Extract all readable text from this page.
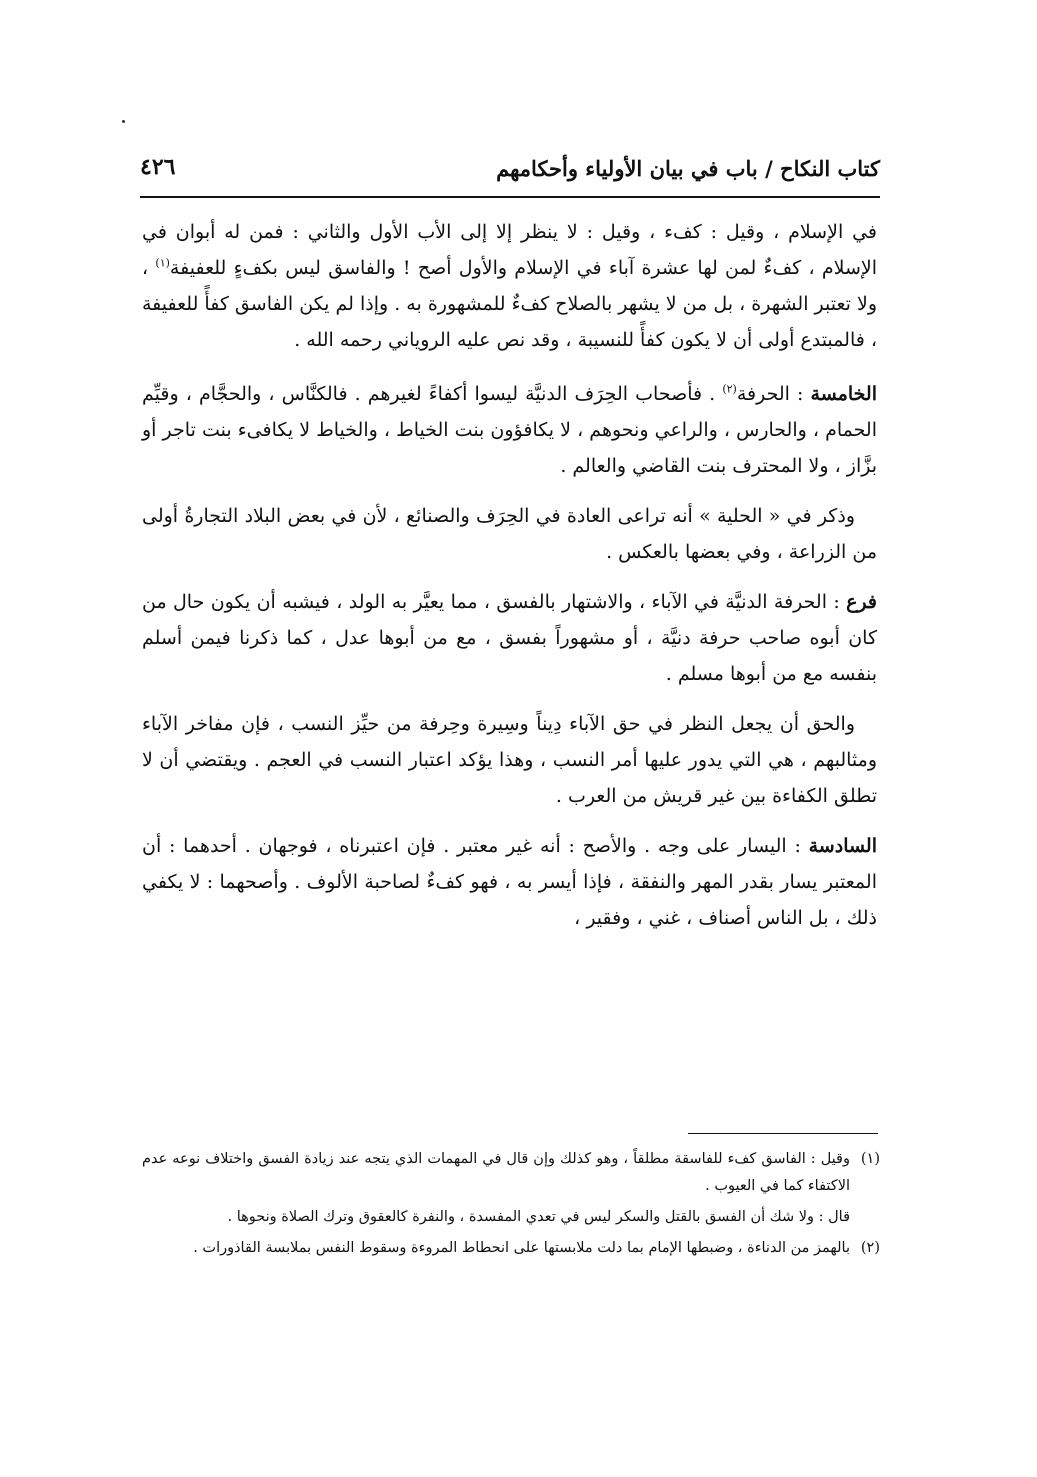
كتاب النكاح / باب في بيان الأولياء وأحكامهم
٤٢٦

في الإسلام ، وقيل : كفء ، وقيل : لا ينظر إلا إلى الأب الأول والثاني : فمن له أبوان في الإسلام ، كفءٌ لمن لها عشرة آباء في الإسلام والأول أصح ! والفاسق ليس بكفءٍ للعفيفة$^{(١)}$ ، ولا تعتبر الشهرة ، بل من لا يشهر بالصلاح كفءٌ للمشهورة به . وإذا لم يكن الفاسق كفأً للعفيفة ، فالمبتدع أولى أن لا يكون كفأً للنسيبة ، وقد نص عليه الروياني رحمه الله .

الخامسة : الحرفة$^{(٢)}$ . فأصحاب الحِرَف الدنيَّة ليسوا أكفاءً لغيرهم . فالكنَّاس ، والحجَّام ، وقيِّم الحمام ، والحارس ، والراعي ونحوهم ، لا يكافؤون بنت الخياط ، والخياط لا يكافىء بنت تاجر أو بزَّاز ، ولا المحترف بنت القاضي والعالم .

وذكر في « الحلية » أنه تراعى العادة في الحِرَف والصنائع ، لأن في بعض البلاد التجارةُ أولى من الزراعة ، وفي بعضها بالعكس .

فرع : الحرفة الدنيَّة في الآباء ، والاشتهار بالفسق ، مما يعيَّر به الولد ، فيشبه أن يكون حال من كان أبوه صاحب حرفة دنيَّة ، أو مشهوراً بفسق ، مع من أبوها عدل ، كما ذكرنا فيمن أسلم بنفسه مع من أبوها مسلم .

والحق أن يجعل النظر في حق الآباء دِيناً وسِيرة وحِرفة من حيِّز النسب ، فإن مفاخر الآباء ومثالبهم ، هي التي يدور عليها أمر النسب ، وهذا يؤكد اعتبار النسب في العجم . ويقتضي أن لا تطلق الكفاءة بين غير قريش من العرب .

السادسة : اليسار على وجه . والأصح : أنه غير معتبر . فإن اعتبرناه ، فوجهان . أحدهما : أن المعتبر يسار بقدر المهر والنفقة ، فإذا أيسر به ، فهو كفءٌ لصاحبة الألوف . وأصحهما : لا يكفي ذلك ، بل الناس أصناف ، غني ، وفقير ،

(١)
وقيل : الفاسق كفء للفاسقة مطلقاً ، وهو كذلك وإن قال في المهمات الذي يتجه عند زيادة الفسق واختلاف نوعه عدم الاكتفاء كما في العيوب .

قال : ولا شك أن الفسق بالقتل والسكر ليس في تعدي المفسدة ، والنفرة كالعقوق وترك الصلاة ونحوها .

(٢)
بالهمز من الدناءة ، وضبطها الإمام بما دلت ملابستها على انحطاط المروءة وسقوط النفس بملابسة القاذورات .
